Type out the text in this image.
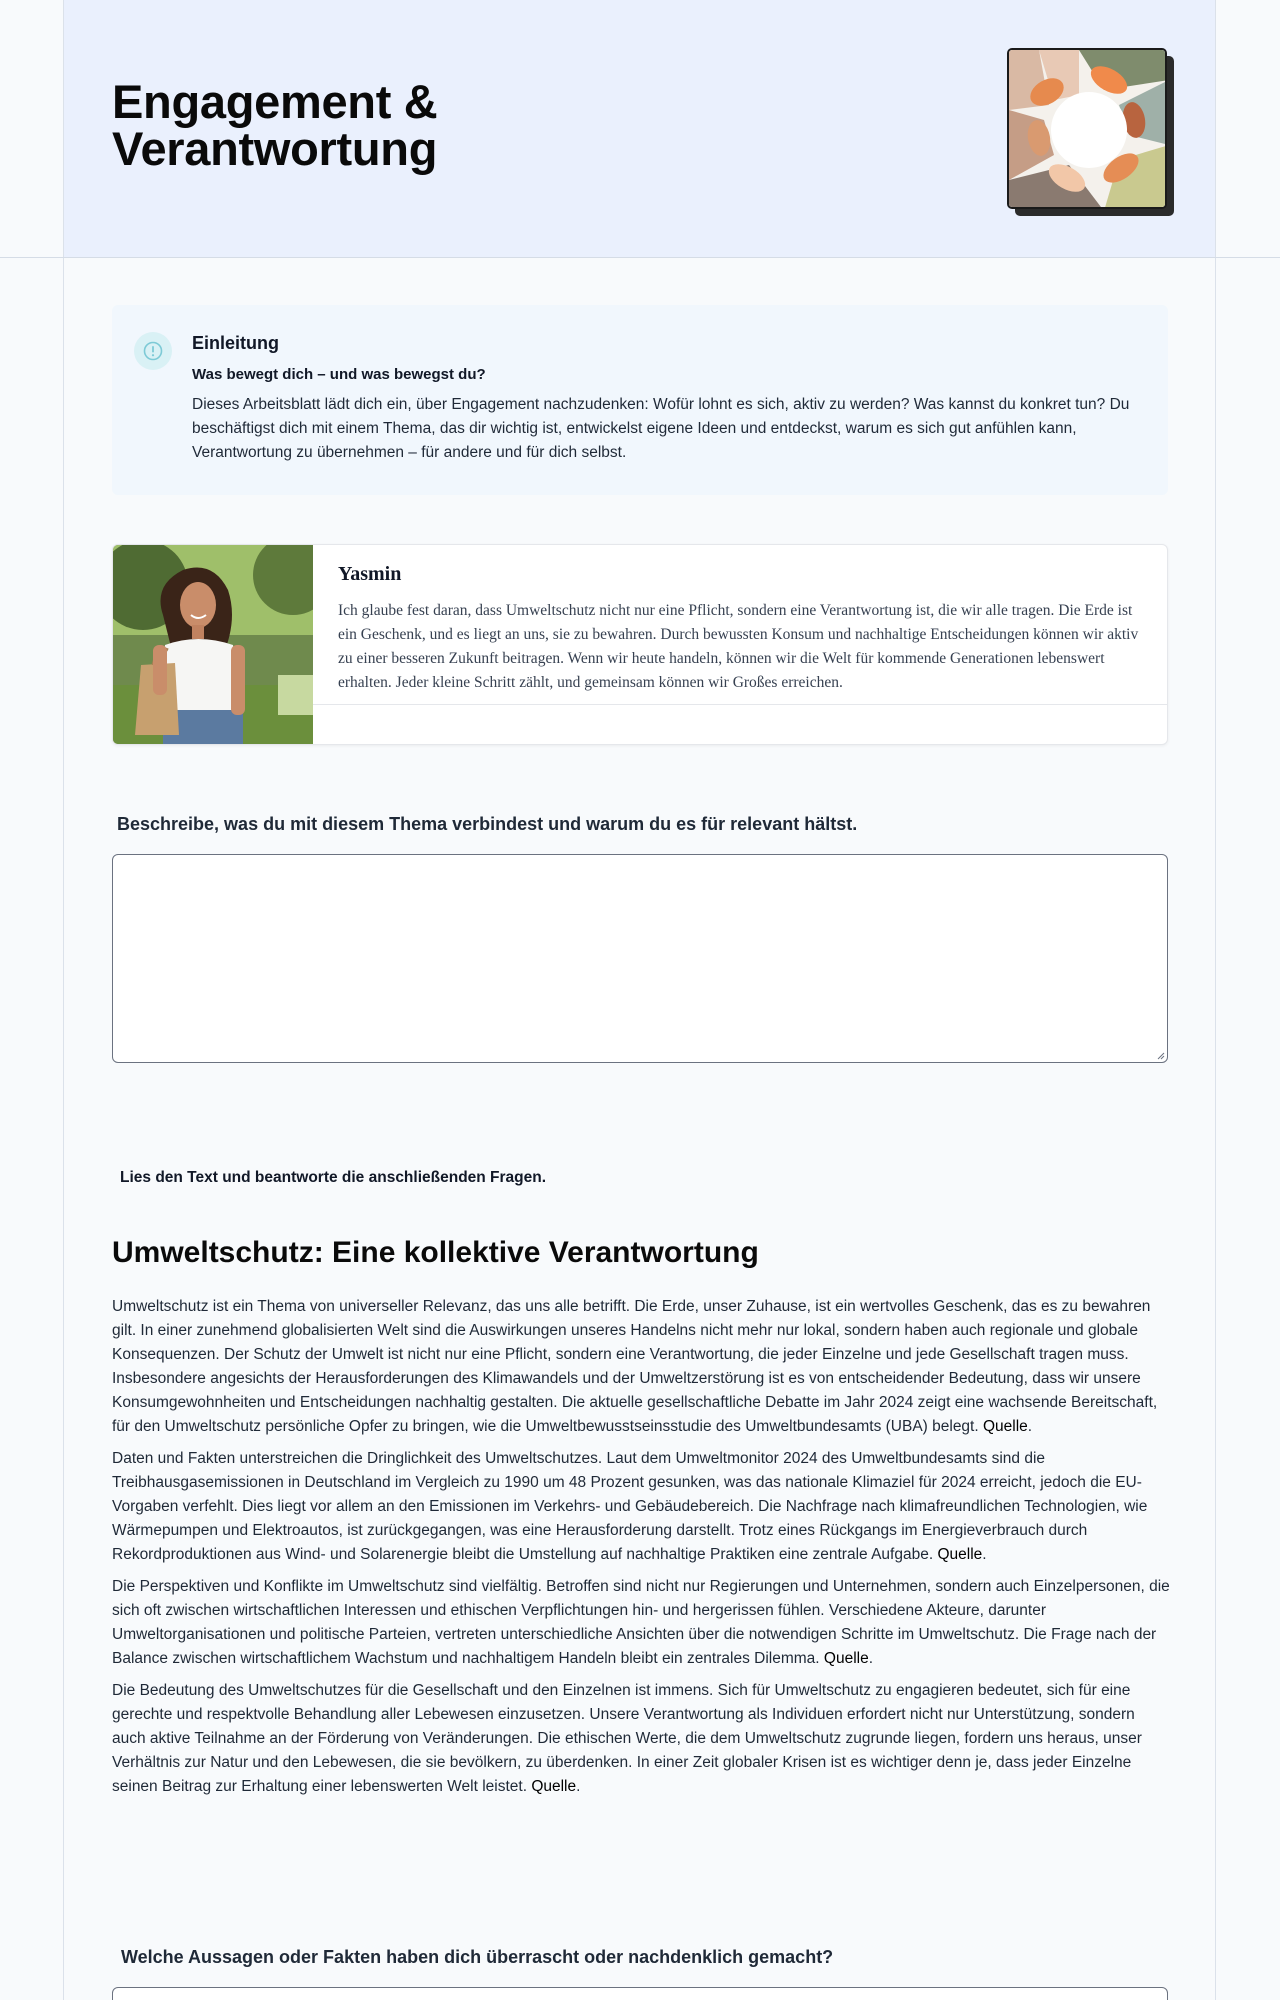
Engagement &
Verantwortung
Einleitung
Was bewegt dich – und was bewegst du?

Dieses Arbeitsblatt lädt dich ein, über Engagement nachzudenken: Wofür lohnt es sich, aktiv zu werden? Was kannst du konkret tun? Du beschäftigst dich mit einem Thema, das dir wichtig ist, entwickelst eigene Ideen und entdeckst, warum es sich gut anfühlen kann, Verantwortung zu übernehmen – für andere und für dich selbst.

Yasmin

Ich glaube fest daran, dass Umweltschutz nicht nur eine Pflicht, sondern eine Verantwortung ist, die wir alle tragen. Die Erde ist ein Geschenk, und es liegt an uns, sie zu bewahren. Durch bewussten Konsum und nachhaltige Entscheidungen können wir aktiv zu einer besseren Zukunft beitragen. Wenn wir heute handeln, können wir die Welt für kommende Generationen lebenswert erhalten. Jeder kleine Schritt zählt, und gemeinsam können wir Großes erreichen.

Beschreibe, was du mit diesem Thema verbindest und warum du es für relevant hältst.

Lies den Text und beantworte die anschließenden Fragen.

Umweltschutz: Eine kollektive Verantwortung

Umweltschutz ist ein Thema von universeller Relevanz, das uns alle betrifft. Die Erde, unser Zuhause, ist ein wertvolles Geschenk, das es zu bewahren gilt. In einer zunehmend globalisierten Welt sind die Auswirkungen unseres Handelns nicht mehr nur lokal, sondern haben auch regionale und globale Konsequenzen. Der Schutz der Umwelt ist nicht nur eine Pflicht, sondern eine Verantwortung, die jeder Einzelne und jede Gesellschaft tragen muss. Insbesondere angesichts der Herausforderungen des Klimawandels und der Umweltzerstörung ist es von entscheidender Bedeutung, dass wir unsere Konsumgewohnheiten und Entscheidungen nachhaltig gestalten. Die aktuelle gesellschaftliche Debatte im Jahr 2024 zeigt eine wachsende Bereitschaft, für den Umweltschutz persönliche Opfer zu bringen, wie die Umweltbewusstseinsstudie des Umweltbundesamts (UBA) belegt. Quelle.

Daten und Fakten unterstreichen die Dringlichkeit des Umweltschutzes. Laut dem Umweltmonitor 2024 des Umweltbundesamts sind die Treibhausgasemissionen in Deutschland im Vergleich zu 1990 um 48 Prozent gesunken, was das nationale Klimaziel für 2024 erreicht, jedoch die EU-Vorgaben verfehlt. Dies liegt vor allem an den Emissionen im Verkehrs- und Gebäudebereich. Die Nachfrage nach klimafreundlichen Technologien, wie Wärmepumpen und Elektroautos, ist zurückgegangen, was eine Herausforderung darstellt. Trotz eines Rückgangs im Energieverbrauch durch Rekordproduktionen aus Wind- und Solarenergie bleibt die Umstellung auf nachhaltige Praktiken eine zentrale Aufgabe. Quelle.

Die Perspektiven und Konflikte im Umweltschutz sind vielfältig. Betroffen sind nicht nur Regierungen und Unternehmen, sondern auch Einzelpersonen, die sich oft zwischen wirtschaftlichen Interessen und ethischen Verpflichtungen hin- und hergerissen fühlen. Verschiedene Akteure, darunter Umweltorganisationen und politische Parteien, vertreten unterschiedliche Ansichten über die notwendigen Schritte im Umweltschutz. Die Frage nach der Balance zwischen wirtschaftlichem Wachstum und nachhaltigem Handeln bleibt ein zentrales Dilemma. Quelle.

Die Bedeutung des Umweltschutzes für die Gesellschaft und den Einzelnen ist immens. Sich für Umweltschutz zu engagieren bedeutet, sich für eine gerechte und respektvolle Behandlung aller Lebewesen einzusetzen. Unsere Verantwortung als Individuen erfordert nicht nur Unterstützung, sondern auch aktive Teilnahme an der Förderung von Veränderungen. Die ethischen Werte, die dem Umweltschutz zugrunde liegen, fordern uns heraus, unser Verhältnis zur Natur und den Lebewesen, die sie bevölkern, zu überdenken. In einer Zeit globaler Krisen ist es wichtiger denn je, dass jeder Einzelne seinen Beitrag zur Erhaltung einer lebenswerten Welt leistet. Quelle.

Welche Aussagen oder Fakten haben dich überrascht oder nachdenklich gemacht?
